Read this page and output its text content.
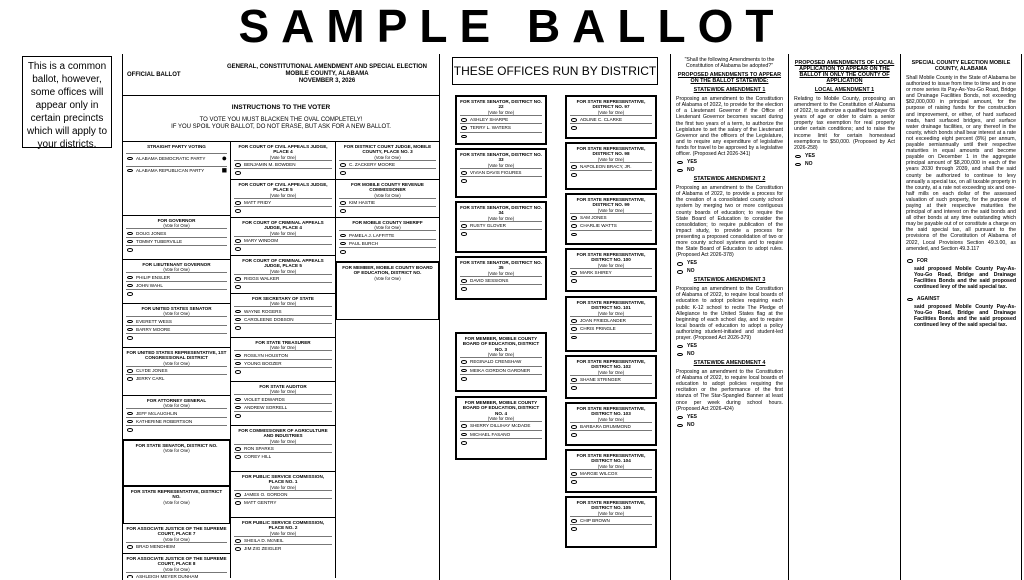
SAMPLE BALLOT
This is a common ballot, however, some offices will appear only in certain precincts which will apply to your districts.
OFFICIAL BALLOT
GENERAL, CONSTITUTIONAL AMENDMENT AND SPECIAL ELECTION
MOBILE COUNTY, ALABAMA
NOVEMBER 3, 2026
INSTRUCTIONS TO THE VOTER
TO VOTE YOU MUST BLACKEN THE OVAL COMPLETELY!
IF YOU SPOIL YOUR BALLOT, DO NOT ERASE, BUT ASK FOR A NEW BALLOT.
STRAIGHT PARTY VOTING
ALABAMA DEMOCRATIC PARTY ●
ALABAMA REPUBLICAN PARTY ■
FOR GOVERNOR
(Vote for One)
DOUG JONES
TOMMY TUBERVILLE
FOR LIEUTENANT GOVERNOR
(Vote for One)
PHILIP ENSLER
JOHN WAHL
FOR UNITED STATES SENATOR
(Vote for One)
EVERETT WESS
BARRY MOORE
FOR UNITED STATES REPRESENTATIVE, 1ST CONGRESSIONAL DISTRICT
(Vote for One)
CLYDE JONES
JERRY CARL
FOR ATTORNEY GENERAL
(Vote for One)
JEFF McLAUGHLIN
KATHERINE ROBERTSON
FOR STATE SENATOR, DISTRICT NO.
(Vote for One)
FOR STATE REPRESENTATIVE, DISTRICT NO.
(Vote for One)
FOR ASSOCIATE JUSTICE OF THE SUPREME COURT, PLACE 7
(Vote for One)
BRAD MENDHEIM
FOR ASSOCIATE JUSTICE OF THE SUPREME COURT, PLACE 8
(Vote for One)
ASHLEIGH MEYER DUNHAM
FOR COURT OF CIVIL APPEALS JUDGE, PLACE 4
(Vote for One)
BENJAMIN M. BOWDEN
FOR COURT OF CIVIL APPEALS JUDGE, PLACE 5
(Vote for One)
MATT FRIDY
FOR COURT OF CRIMINAL APPEALS JUDGE, PLACE 4
(Vote for One)
MARY WINDOM
FOR COURT OF CRIMINAL APPEALS JUDGE, PLACE 5
(Vote for One)
RIGGS WALKER
FOR SECRETARY OF STATE
(Vote for One)
WAYNE ROGERS
CAROLEENE DOBSON
FOR STATE TREASURER
(Vote for One)
ROSILYN HOUSTON
YOUNG BOOZER
FOR STATE AUDITOR
(Vote for One)
VIOLET EDWARDS
ANDREW SORRELL
FOR COMMISSIONER OF AGRICULTURE AND INDUSTRIES
(Vote for One)
RON SPARKS
COREY HILL
FOR PUBLIC SERVICE COMMISSION, PLACE NO. 1
(Vote for One)
JAMES O. GORDON
MATT GENTRY
FOR PUBLIC SERVICE COMMISSION, PLACE NO. 2
(Vote for One)
SHEILA D. McNEIL
JIM ZIG ZEIGLER
FOR DISTRICT COURT JUDGE, MOBILE COUNTY, PLACE NO. 3
(Vote for One)
C. ZACKERY MOORE
FOR MOBILE COUNTY REVENUE COMMISSIONER
(Vote for One)
KIM HASTIE
FOR MOBILE COUNTY SHERIFF
(Vote for One)
PAMELA J. LAFFITTE
PAUL BURCH
FOR MEMBER, MOBILE COUNTY BOARD OF EDUCATION, DISTRICT NO.
(Vote for One)
THESE OFFICES RUN BY DISTRICT
FOR STATE SENATOR, DISTRICT NO. 22
(Vote for One)
ASHLEY SHARPE
TERRY L. WATERS
FOR STATE SENATOR, DISTRICT NO. 33
(Vote for One)
VIVIAN DAVIS FIGURES
FOR STATE SENATOR, DISTRICT NO. 34
(Vote for One)
RUSTY GLOVER
FOR STATE SENATOR, DISTRICT NO. 35
(Vote for One)
DAVID SESSIONS
FOR MEMBER, MOBILE COUNTY BOARD OF EDUCATION, DISTRICT NO. 3
(Vote for One)
REGINALD CRENSHAW
MEIKA GORDON GARDNER
FOR MEMBER, MOBILE COUNTY BOARD OF EDUCATION, DISTRICT NO. 4
(Vote for One)
SHERRY DILLIHAY McDADE
MICHAEL FASANO
FOR STATE REPRESENTATIVE, DISTRICT NO. 97
(Vote for One)
ADLINE C. CLARKE
FOR STATE REPRESENTATIVE, DISTRICT NO. 98
(Vote for One)
NAPOLEON BRACY, JR.
FOR STATE REPRESENTATIVE, DISTRICT NO. 99
(Vote for One)
SAM JONES
CHARLIE WATTS
FOR STATE REPRESENTATIVE, DISTRICT NO. 100
(Vote for One)
MARK SHIREY
FOR STATE REPRESENTATIVE, DISTRICT NO. 101
(Vote for One)
JOAN FRIEDLANDER
CHRIS PRINGLE
FOR STATE REPRESENTATIVE, DISTRICT NO. 102
(Vote for One)
SHANE STRINGER
FOR STATE REPRESENTATIVE, DISTRICT NO. 103
(Vote for One)
BARBARA DRUMMOND
FOR STATE REPRESENTATIVE, DISTRICT NO. 104
(Vote for One)
MARGIE WILCOX
FOR STATE REPRESENTATIVE, DISTRICT NO. 105
(Vote for One)
CHIP BROWN

"Shall the following Amendments to the Constitution of Alabama be adopted?"

PROPOSED AMENDMENTS TO APPEAR ON THE BALLOT STATEWIDE:
STATEWIDE AMENDMENT 1

Proposing an amendment to the Constitution of Alabama of 2022, to provide for the election of a Lieutenant Governor if the Office of Lieutenant Governor becomes vacant during the first two years of a term, to authorize the Legislature to set the salary of the Lieutenant Governor and the officers of the Legislature, and to require any expenditure of legislative funds for travel to be approved by a legislative officer. (Proposed Act 2026-341)

YES
NO
STATEWIDE AMENDMENT 2

Proposing an amendment to the Constitution of Alabama of 2022, to provide a process for the creation of a consolidated county school system by merging two or more contiguous county boards of education; to require the State Board of Education to consider the consolidation; to require publication of the impact study, to provide a process for presenting a proposed consolidation of two or more county school systems and to require the State Board of Education to adopt rules. (Proposed Act 2026-378)

YES
NO
STATEWIDE AMENDMENT 3

Proposing an amendment to the Constitution of Alabama of 2022, to require local boards of education to adopt policies requiring each public K-12 school to recite The Pledge of Allegiance to the United States flag at the beginning of each school day, and to require local boards of education to adopt a policy authorizing student-initiated and student-led prayer. (Proposed Act 2026-379)

YES
NO
STATEWIDE AMENDMENT 4

Proposing an amendment to the Constitution of Alabama of 2022, to require local boards of education to adopt policies requiring the recitation or the performance of the first stanza of The Star-Spangled Banner at least once per week during school hours. (Proposed Act 2026-424)

YES
NO
PROPOSED AMENDMENTS OF LOCAL APPLICATION TO APPEAR ON THE BALLOT IN ONLY THE COUNTY OF APPLICATION
LOCAL AMENDMENT 1

Relating to Mobile County, proposing an amendment to the Constitution of Alabama of 2022, to authorize a qualified taxpayer 65 years of age or older to claim a senior property tax exemption for real property under certain conditions; and to raise the income limit for certain homestead exemptions to $50,000. (Proposed by Act 2026-258)

YES
NO
SPECIAL COUNTY ELECTION MOBILE COUNTY, ALABAMA

Shall Mobile County in the State of Alabama be authorized to issue from time to time and in one or more series its Pay-As-You-Go Road, Bridge and Drainage Facilities Bonds, not exceeding $82,000,000 in principal amount, for the purpose of raising funds for the construction and improvement, or either, of hard surfaced roads, hard surfaced bridges, and surface water drainage facilities, or any thereof in the county, which bonds shall bear interest at a rate not exceeding eight percent (8%) per annum, payable semiannually until their respective maturities in equal amounts and become payable on December 1 in the aggregate principal amount of $8,200,000 in each of the years 2030 through 2039, and shall the said county be authorized to continue to levy annually a special tax, on all taxable property in the county, at a rate not exceeding six and one-half mills on each dollar of the assessed valuation of such property, for the purpose of paying at their respective maturities the principal of and interest on the said bonds and all other bonds at any time outstanding which may be payable out of or constitute a charge on the said special tax, all pursuant to the provisions of the Constitution of Alabama of 2022, Local Provisions Section 49.3.00, as amended, and Section 49.3.117

FOR

said proposed Mobile County Pay-As-You-Go Road, Bridge and Drainage Facilities Bonds and the said proposed continued levy of the said special tax.

AGAINST

said proposed Mobile County Pay-As-You-Go Road, Bridge and Drainage Facilities Bonds and the said proposed continued levy of the said special tax.
